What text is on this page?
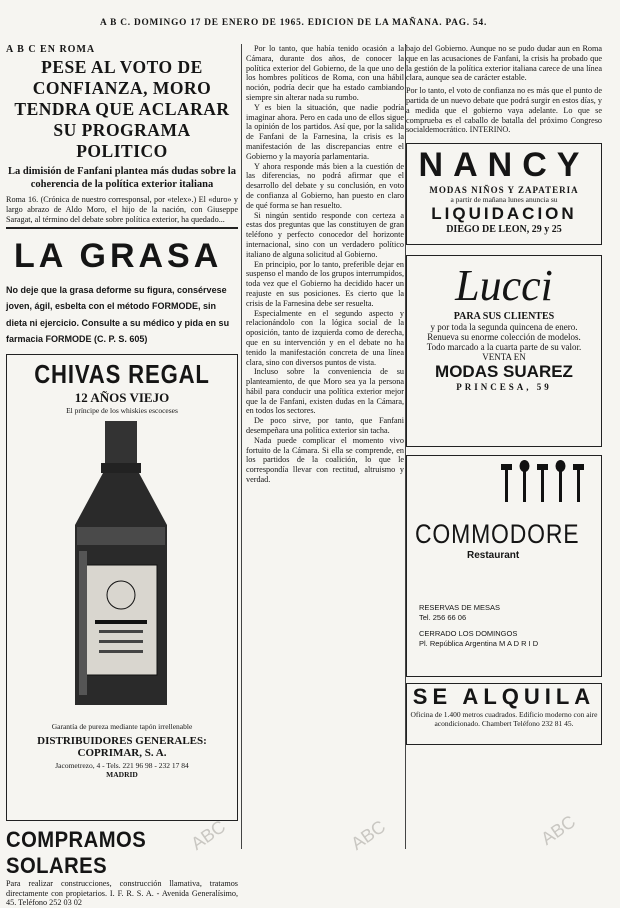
A B C. DOMINGO 17 DE ENERO DE 1965. EDICION DE LA MAÑANA. PAG. 54.
A B C EN ROMA
PESE AL VOTO DE CONFIANZA, MORO TENDRA QUE ACLARAR SU PROGRAMA POLITICO
La dimisión de Fanfani plantea más dudas sobre la coherencia de la política exterior italiana
Roma 16. (Crónica de nuestro corresponsal, por «telex».) El «duro» y largo abrazo de Aldo Moro, el hijo de la nación, con Giuseppe Saragat, al término del debate sobre política exterior, ha quedado...
LA GRASA
No deje que la grasa deforme su figura, consérvese joven, ágil, esbelta con el método FORMODE, sin dieta ni ejercicio. Consulte a su médico y pida en su farmacia FORMODE (C. P. S. 605)
CHIVAS REGAL
12 AÑOS VIEJO
El príncipe de los whiskies escoceses
Garantía de pureza mediante tapón irrellenable
DISTRIBUIDORES GENERALES:
COPRIMAR, S. A.
Jacometrezo, 4 - Tels. 221 96 98 - 232 17 84
MADRID
COMPRAMOS SOLARES
Para realizar construcciones, construcción llamativa, tratamos directamente con propietarios. I. F. R. S. A. - Avenida Generalísimo, 45. Teléfono 252 03 02

Por lo tanto, que había tenido ocasión a la Cámara, durante dos años, de conocer la política exterior del Gobierno, de la que uno de los hombres políticos de Roma, con una hábil noción, podría decir que ha estado cambiando siempre sin alterar nada su rumbo.

Y es bien la situación, que nadie podría imaginar ahora. Pero en cada uno de ellos sigue la opinión de los partidos. Así que, por la salida de Fanfani de la Farnesina, la crisis es la manifestación de las discrepancias entre el Gobierno y la mayoría parlamentaria.

Y ahora responde más bien a la cuestión de las diferencias, no podrá afirmar que el desarrollo del debate y su conclusión, en voto de confianza al Gobierno, han puesto en claro de qué forma se han resuelto.

Si ningún sentido responde con certeza a estas dos preguntas que las constituyen de gran teléfono y perfecto conocedor del horizonte internacional, sino con un verdadero político italiano de alguna solicitud al Gobierno.

En principio, por lo tanto, preferible dejar en suspenso el mando de los grupos interrumpidos, toda vez que el Gobierno ha decidido hacer un reajuste en sus posiciones. Es cierto que la crisis de la Farnesina debe ser resuelta.

Especialmente en el segundo aspecto y relacionándolo con la lógica social de la oposición, tanto de izquierda como de derecha, que en su intervención y en el debate no ha tenido la manifestación concreta de una línea clara, sino con diversos puntos de vista.

Incluso sobre la conveniencia de su planteamiento, de que Moro sea ya la persona hábil para conducir una política exterior mejor que la de Fanfani, existen dudas en la Cámara, en todos los sectores.

De poco sirve, por tanto, que Fanfani desempeñara una política exterior sin tacha.

Nada puede complicar el momento vivo fortuito de la Cámara. Si ella se comprende, en los partidos de la coalición, lo que le correspondía llevar con rectitud, altruismo y verdad.

bajo del Gobierno. Aunque no se pudo dudar aun en Roma que en las acusaciones de Fanfani, la crisis ha probado que la gestión de la política exterior italiana carece de una línea clara, aunque sea de carácter estable.

Por lo tanto, el voto de confianza no es más que el punto de partida de un nuevo debate que podrá surgir en estos días, y a medida que el gobierno vaya adelante. Lo que se comprueba es el caballo de batalla del próximo Congreso socialdemocrático. INTERINO.

NANCY
MODAS NIÑOS Y ZAPATERIA
a partir de mañana lunes anuncia su
LIQUIDACION
DIEGO DE LEON, 29 y 25
Lucci
PARA SUS CLIENTES
y por toda la segunda quincena de enero.
Renueva su enorme colección de modelos.
Todo marcado a la cuarta parte de su valor.
VENTA EN
MODAS SUAREZ
PRINCESA, 59
COMMODORE
Restaurant
RESERVAS DE MESAS
Tel. 256 66 06
CERRADO LOS DOMINGOS
Pl. República Argentina M A D R I D
SE ALQUILA
Oficina de 1.400 metros cuadrados. Edificio moderno con aire acondicionado. Chambert Teléfono 232 81 45.
ABC	ABC	ABC
